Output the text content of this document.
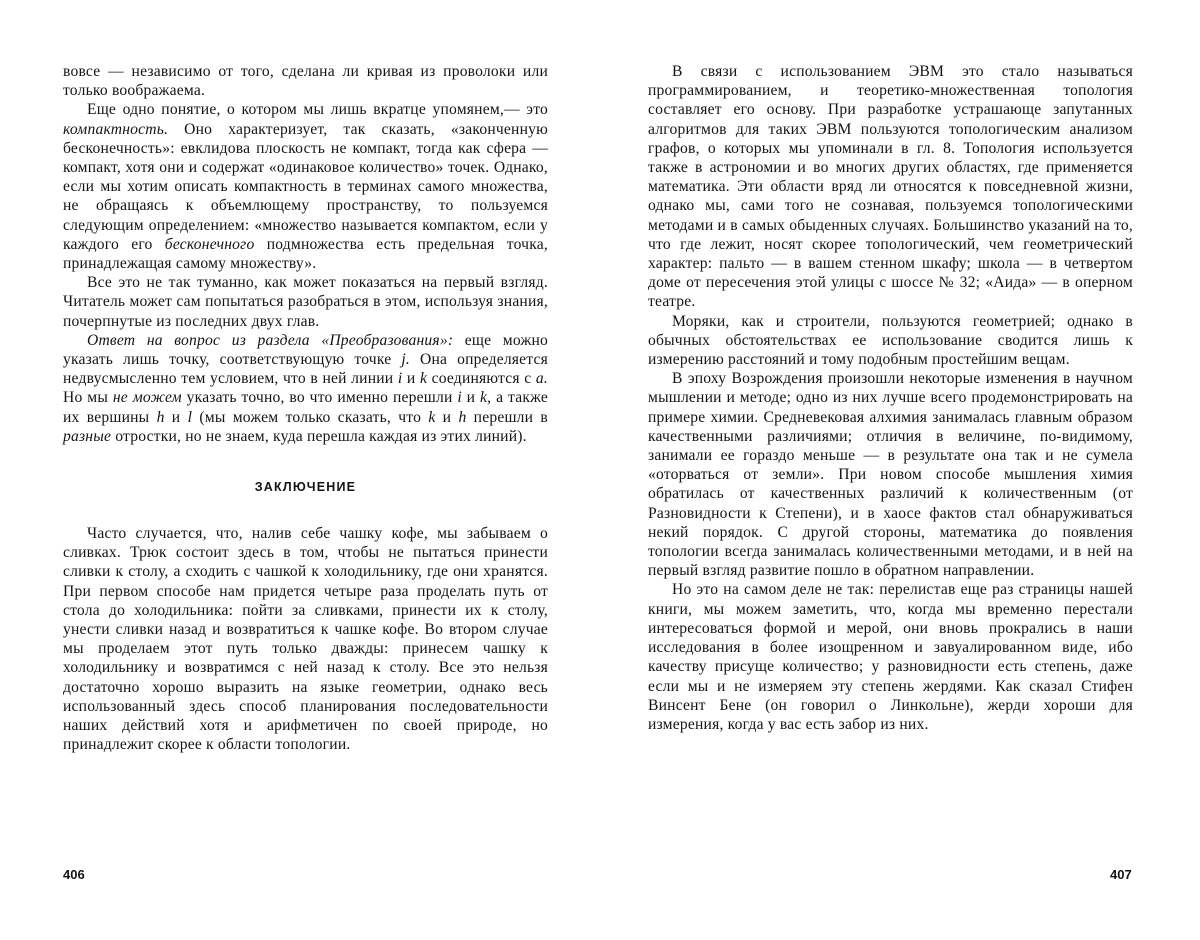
вовсе — независимо от того, сделана ли кривая из проволоки или только воображаема.

Еще одно понятие, о котором мы лишь вкратце упомянем,— это компактность. Оно характеризует, так сказать, «законченную бесконечность»: евклидова плоскость не компакт, тогда как сфера — компакт, хотя они и содержат «одинаковое количество» точек. Однако, если мы хотим описать компактность в терминах самого множества, не обращаясь к объемлющему пространству, то пользуемся следующим определением: «множество называется компактом, если у каждого его бесконечного подмножества есть предельная точка, принадлежащая самому множеству».

Все это не так туманно, как может показаться на первый взгляд. Читатель может сам попытаться разобраться в этом, используя знания, почерпнутые из последних двух глав.

Ответ на вопрос из раздела «Преобразования»: еще можно указать лишь точку, соответствующую точке j. Она определяется недвусмысленно тем условием, что в ней линии i и k соединяются с a. Но мы не можем указать точно, во что именно перешли i и k, а также их вершины h и l (мы можем только сказать, что k и h перешли в разные отростки, но не знаем, куда перешла каждая из этих линий).

ЗАКЛЮЧЕНИЕ

Часто случается, что, налив себе чашку кофе, мы забываем о сливках. Трюк состоит здесь в том, чтобы не пытаться принести сливки к столу, а сходить с чашкой к холодильнику, где они хранятся. При первом способе нам придется четыре раза проделать путь от стола до холодильника: пойти за сливками, принести их к столу, унести сливки назад и возвратиться к чашке кофе. Во втором случае мы проделаем этот путь только дважды: принесем чашку к холодильнику и возвратимся с ней назад к столу. Все это нельзя достаточно хорошо выразить на языке геометрии, однако весь использованный здесь способ планирования последовательности наших действий хотя и арифметичен по своей природе, но принадлежит скорее к области топологии.

406

В связи с использованием ЭВМ это стало называться программированием, и теоретико-множественная топология составляет его основу. При разработке устрашающе запутанных алгоритмов для таких ЭВМ пользуются топологическим анализом графов, о которых мы упоминали в гл. 8. Топология используется также в астрономии и во многих других областях, где применяется математика. Эти области вряд ли относятся к повседневной жизни, однако мы, сами того не сознавая, пользуемся топологическими методами и в самых обыденных случаях. Большинство указаний на то, что где лежит, носят скорее топологический, чем геометрический характер: пальто — в вашем стенном шкафу; школа — в четвертом доме от пересечения этой улицы с шоссе № 32; «Аида» — в оперном театре.

Моряки, как и строители, пользуются геометрией; однако в обычных обстоятельствах ее использование сводится лишь к измерению расстояний и тому подобным простейшим вещам.

В эпоху Возрождения произошли некоторые изменения в научном мышлении и методе; одно из них лучше всего продемонстрировать на примере химии. Средневековая алхимия занималась главным образом качественными различиями; отличия в величине, по-видимому, занимали ее гораздо меньше — в результате она так и не сумела «оторваться от земли». При новом способе мышления химия обратилась от качественных различий к количественным (от Разновидности к Степени), и в хаосе фактов стал обнаруживаться некий порядок. С другой стороны, математика до появления топологии всегда занималась количественными методами, и в ней на первый взгляд развитие пошло в обратном направлении.

Но это на самом деле не так: перелистав еще раз страницы нашей книги, мы можем заметить, что, когда мы временно перестали интересоваться формой и мерой, они вновь прокрались в наши исследования в более изощренном и завуалированном виде, ибо качеству присуще количество; у разновидности есть степень, даже если мы и не измеряем эту степень жердями. Как сказал Стифен Винсент Бене (он говорил о Линкольне), жерди хороши для измерения, когда у вас есть забор из них.

407
